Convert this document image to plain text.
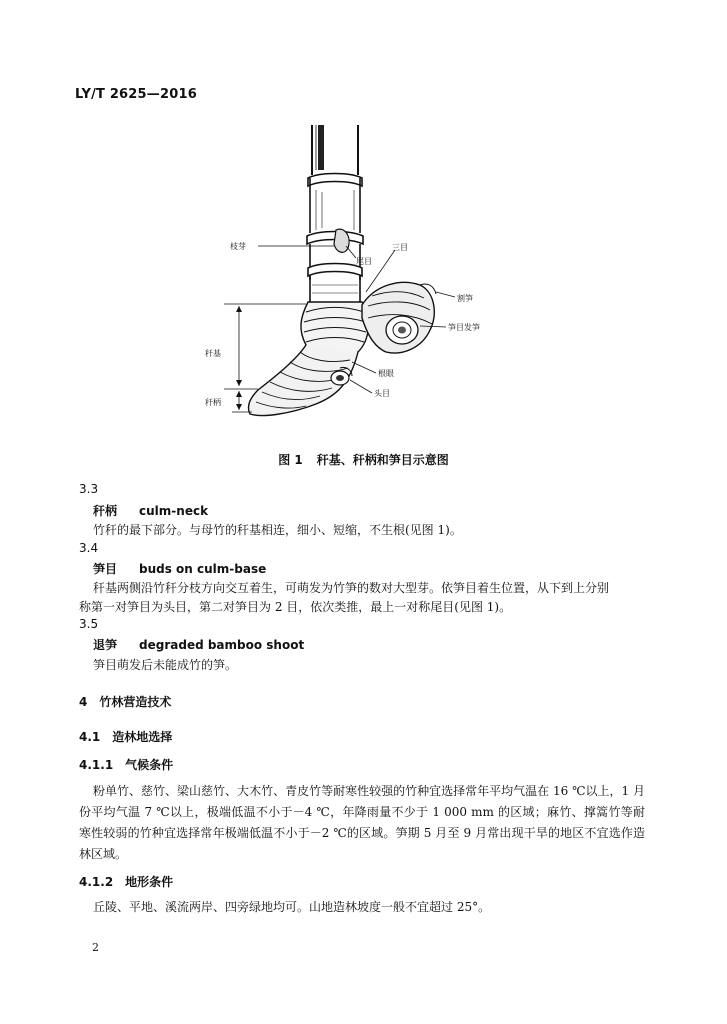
LY/T 2625—2016
枝芽
尾目
三目
割笋
笋目发笋
秆基
根眼
头目
秆柄
图 1 秆基、秆柄和笋目示意图
3.3
秆柄 culm-neck
竹秆的最下部分。与母竹的秆基相连，细小、短缩，不生根(见图 1)。
3.4
笋目 buds on culm-base
秆基两侧沿竹秆分枝方向交互着生，可萌发为竹笋的数对大型芽。依笋目着生位置，从下到上分别
称第一对笋目为头目，第二对笋目为 2 目，依次类推，最上一对称尾目(见图 1)。
3.5
退笋 degraded bamboo shoot
笋目萌发后未能成竹的笋。
4 竹林营造技术
4.1 造林地选择
4.1.1 气候条件
粉单竹、慈竹、梁山慈竹、大木竹、青皮竹等耐寒性较强的竹种宜选择常年平均气温在 16 ℃以上，1 月份平均气温 7 ℃以上，极端低温不小于－4 ℃，年降雨量不少于 1 000 mm 的区域；麻竹、撑篙竹等耐寒性较弱的竹种宜选择常年极端低温不小于－2 ℃的区域。笋期 5 月至 9 月常出现干旱的地区不宜选作造林区域。
4.1.2 地形条件
丘陵、平地、溪流两岸、四旁绿地均可。山地造林坡度一般不宜超过 25°。
2
